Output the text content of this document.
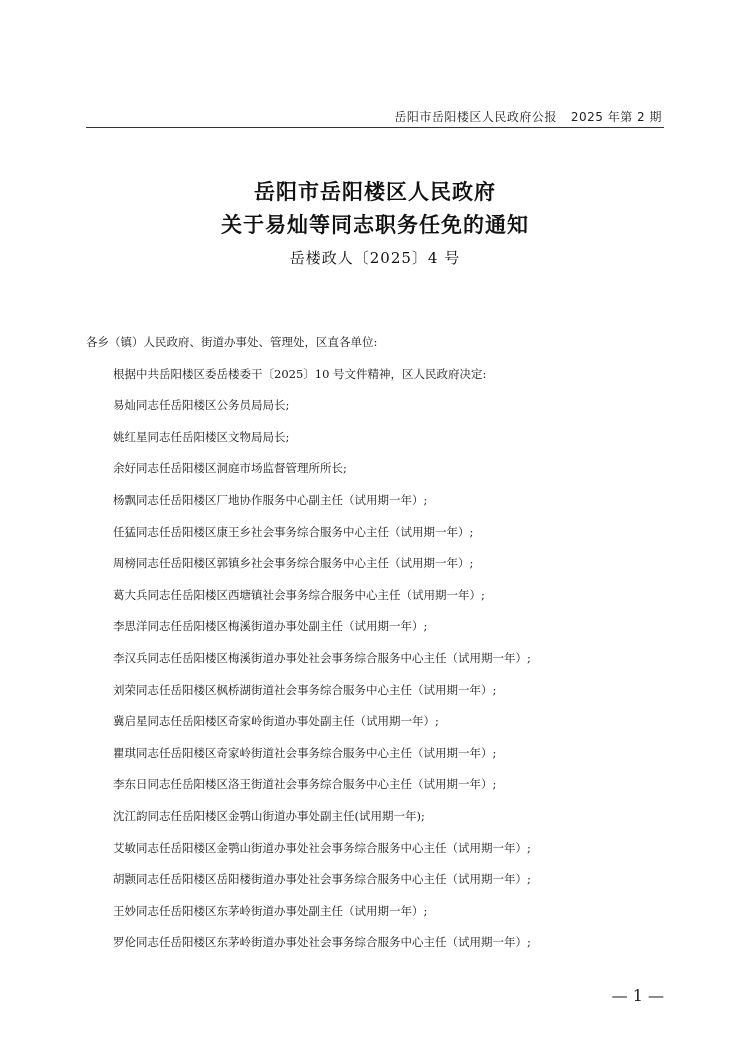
岳阳市岳阳楼区人民政府公报 2025 年第 2 期
岳阳市岳阳楼区人民政府
关于易灿等同志职务任免的通知
岳楼政人〔2025〕4 号

各乡（镇）人民政府、街道办事处、管理处，区直各单位:

根据中共岳阳楼区委岳楼委干〔2025〕10 号文件精神，区人民政府决定:

易灿同志任岳阳楼区公务员局局长;

姚红星同志任岳阳楼区文物局局长;

余好同志任岳阳楼区洞庭市场监督管理所所长;

杨飘同志任岳阳楼区厂地协作服务中心副主任（试用期一年）;

任猛同志任岳阳楼区康王乡社会事务综合服务中心主任（试用期一年）;

周榜同志任岳阳楼区郭镇乡社会事务综合服务中心主任（试用期一年）;

葛大兵同志任岳阳楼区西塘镇社会事务综合服务中心主任（试用期一年）;

李思洋同志任岳阳楼区梅溪街道办事处副主任（试用期一年）;

李汉兵同志任岳阳楼区梅溪街道办事处社会事务综合服务中心主任（试用期一年）;

刘荣同志任岳阳楼区枫桥湖街道社会事务综合服务中心主任（试用期一年）;

冀启星同志任岳阳楼区奇家岭街道办事处副主任（试用期一年）;

瞿琪同志任岳阳楼区奇家岭街道社会事务综合服务中心主任（试用期一年）;

李东日同志任岳阳楼区洛王街道社会事务综合服务中心主任（试用期一年）;

沈江韵同志任岳阳楼区金鹗山街道办事处副主任(试用期一年);

艾敏同志任岳阳楼区金鹗山街道办事处社会事务综合服务中心主任（试用期一年）;

胡颢同志任岳阳楼区岳阳楼街道办事处社会事务综合服务中心主任（试用期一年）;

王妙同志任岳阳楼区东茅岭街道办事处副主任（试用期一年）;

罗伦同志任岳阳楼区东茅岭街道办事处社会事务综合服务中心主任（试用期一年）;

— 1 —
